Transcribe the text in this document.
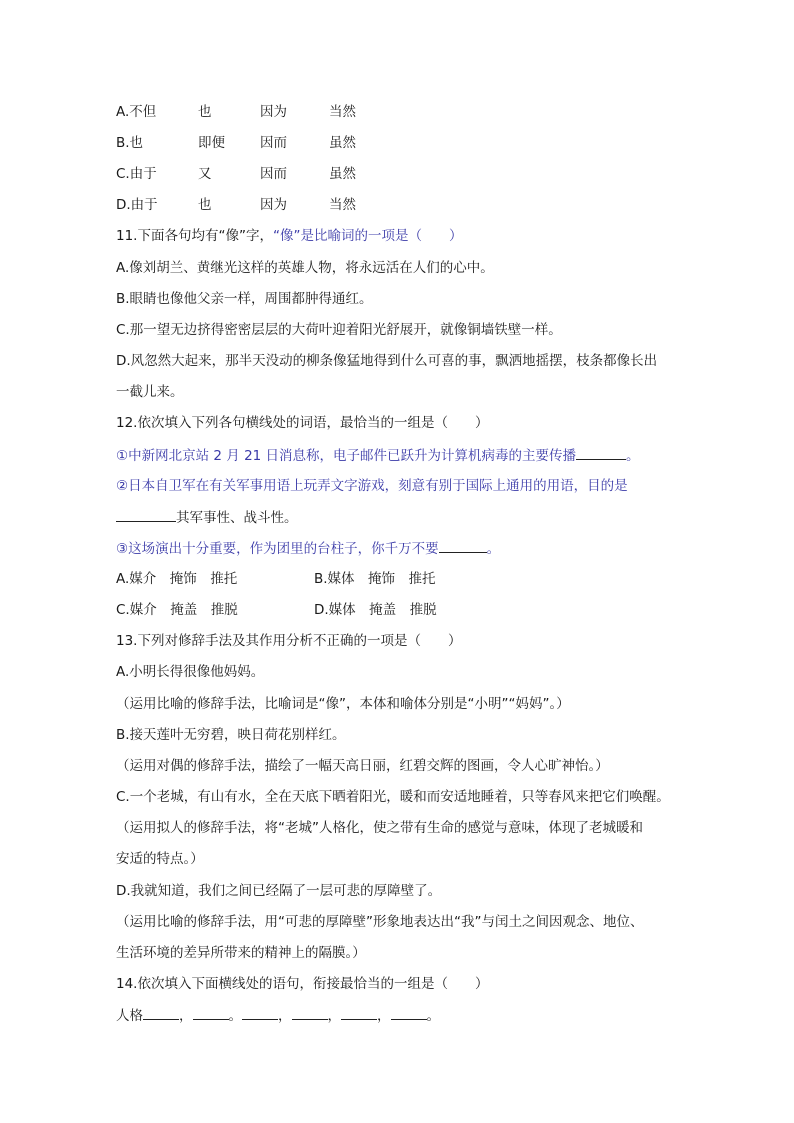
A.不但	也	因为	当然
B.也	即便	因而	虽然
C.由于	又	因而	虽然
D.由于	也	因为	当然
11.下面各句均有“像”字，“像”是比喻词的一项是（　　）
A.像刘胡兰、黄继光这样的英雄人物，将永远活在人们的心中。
B.眼睛也像他父亲一样，周围都肿得通红。
C.那一望无边挤得密密层层的大荷叶迎着阳光舒展开，就像铜墙铁壁一样。
D.风忽然大起来，那半天没动的柳条像猛地得到什么可喜的事，飘洒地摇摆，枝条都像长出
一截儿来。
12.依次填入下列各句横线处的词语，最恰当的一组是（　　）
①中新网北京站 2 月 21 日消息称，电子邮件已跃升为计算机病毒的主要传播	。
②日本自卫军在有关军事用语上玩弄文字游戏，刻意有别于国际上通用的用语，目的是
其军事性、战斗性。
③这场演出十分重要，作为团里的台柱子，你千万不要	。
A.媒介　掩饰　推托	B.媒体　掩饰　推托
C.媒介　掩盖　推脱	D.媒体　掩盖　推脱
13.下列对修辞手法及其作用分析不正确的一项是（　　）
A.小明长得很像他妈妈。
（运用比喻的修辞手法，比喻词是“像”，本体和喻体分别是“小明”“妈妈”。）
B.接天莲叶无穷碧，映日荷花别样红。
（运用对偶的修辞手法，描绘了一幅天高日丽，红碧交辉的图画，令人心旷神怡。）
C.一个老城，有山有水，全在天底下晒着阳光，暖和而安适地睡着，只等春风来把它们唤醒。
（运用拟人的修辞手法，将“老城”人格化，使之带有生命的感觉与意味，体现了老城暖和
安适的特点。）
D.我就知道，我们之间已经隔了一层可悲的厚障壁了。
（运用比喻的修辞手法，用“可悲的厚障壁”形象地表达出“我”与闰土之间因观念、地位、
生活环境的差异所带来的精神上的隔膜。）
14.依次填入下面横线处的语句，衔接最恰当的一组是（　　）
人格	，	。	，	，	，	。
